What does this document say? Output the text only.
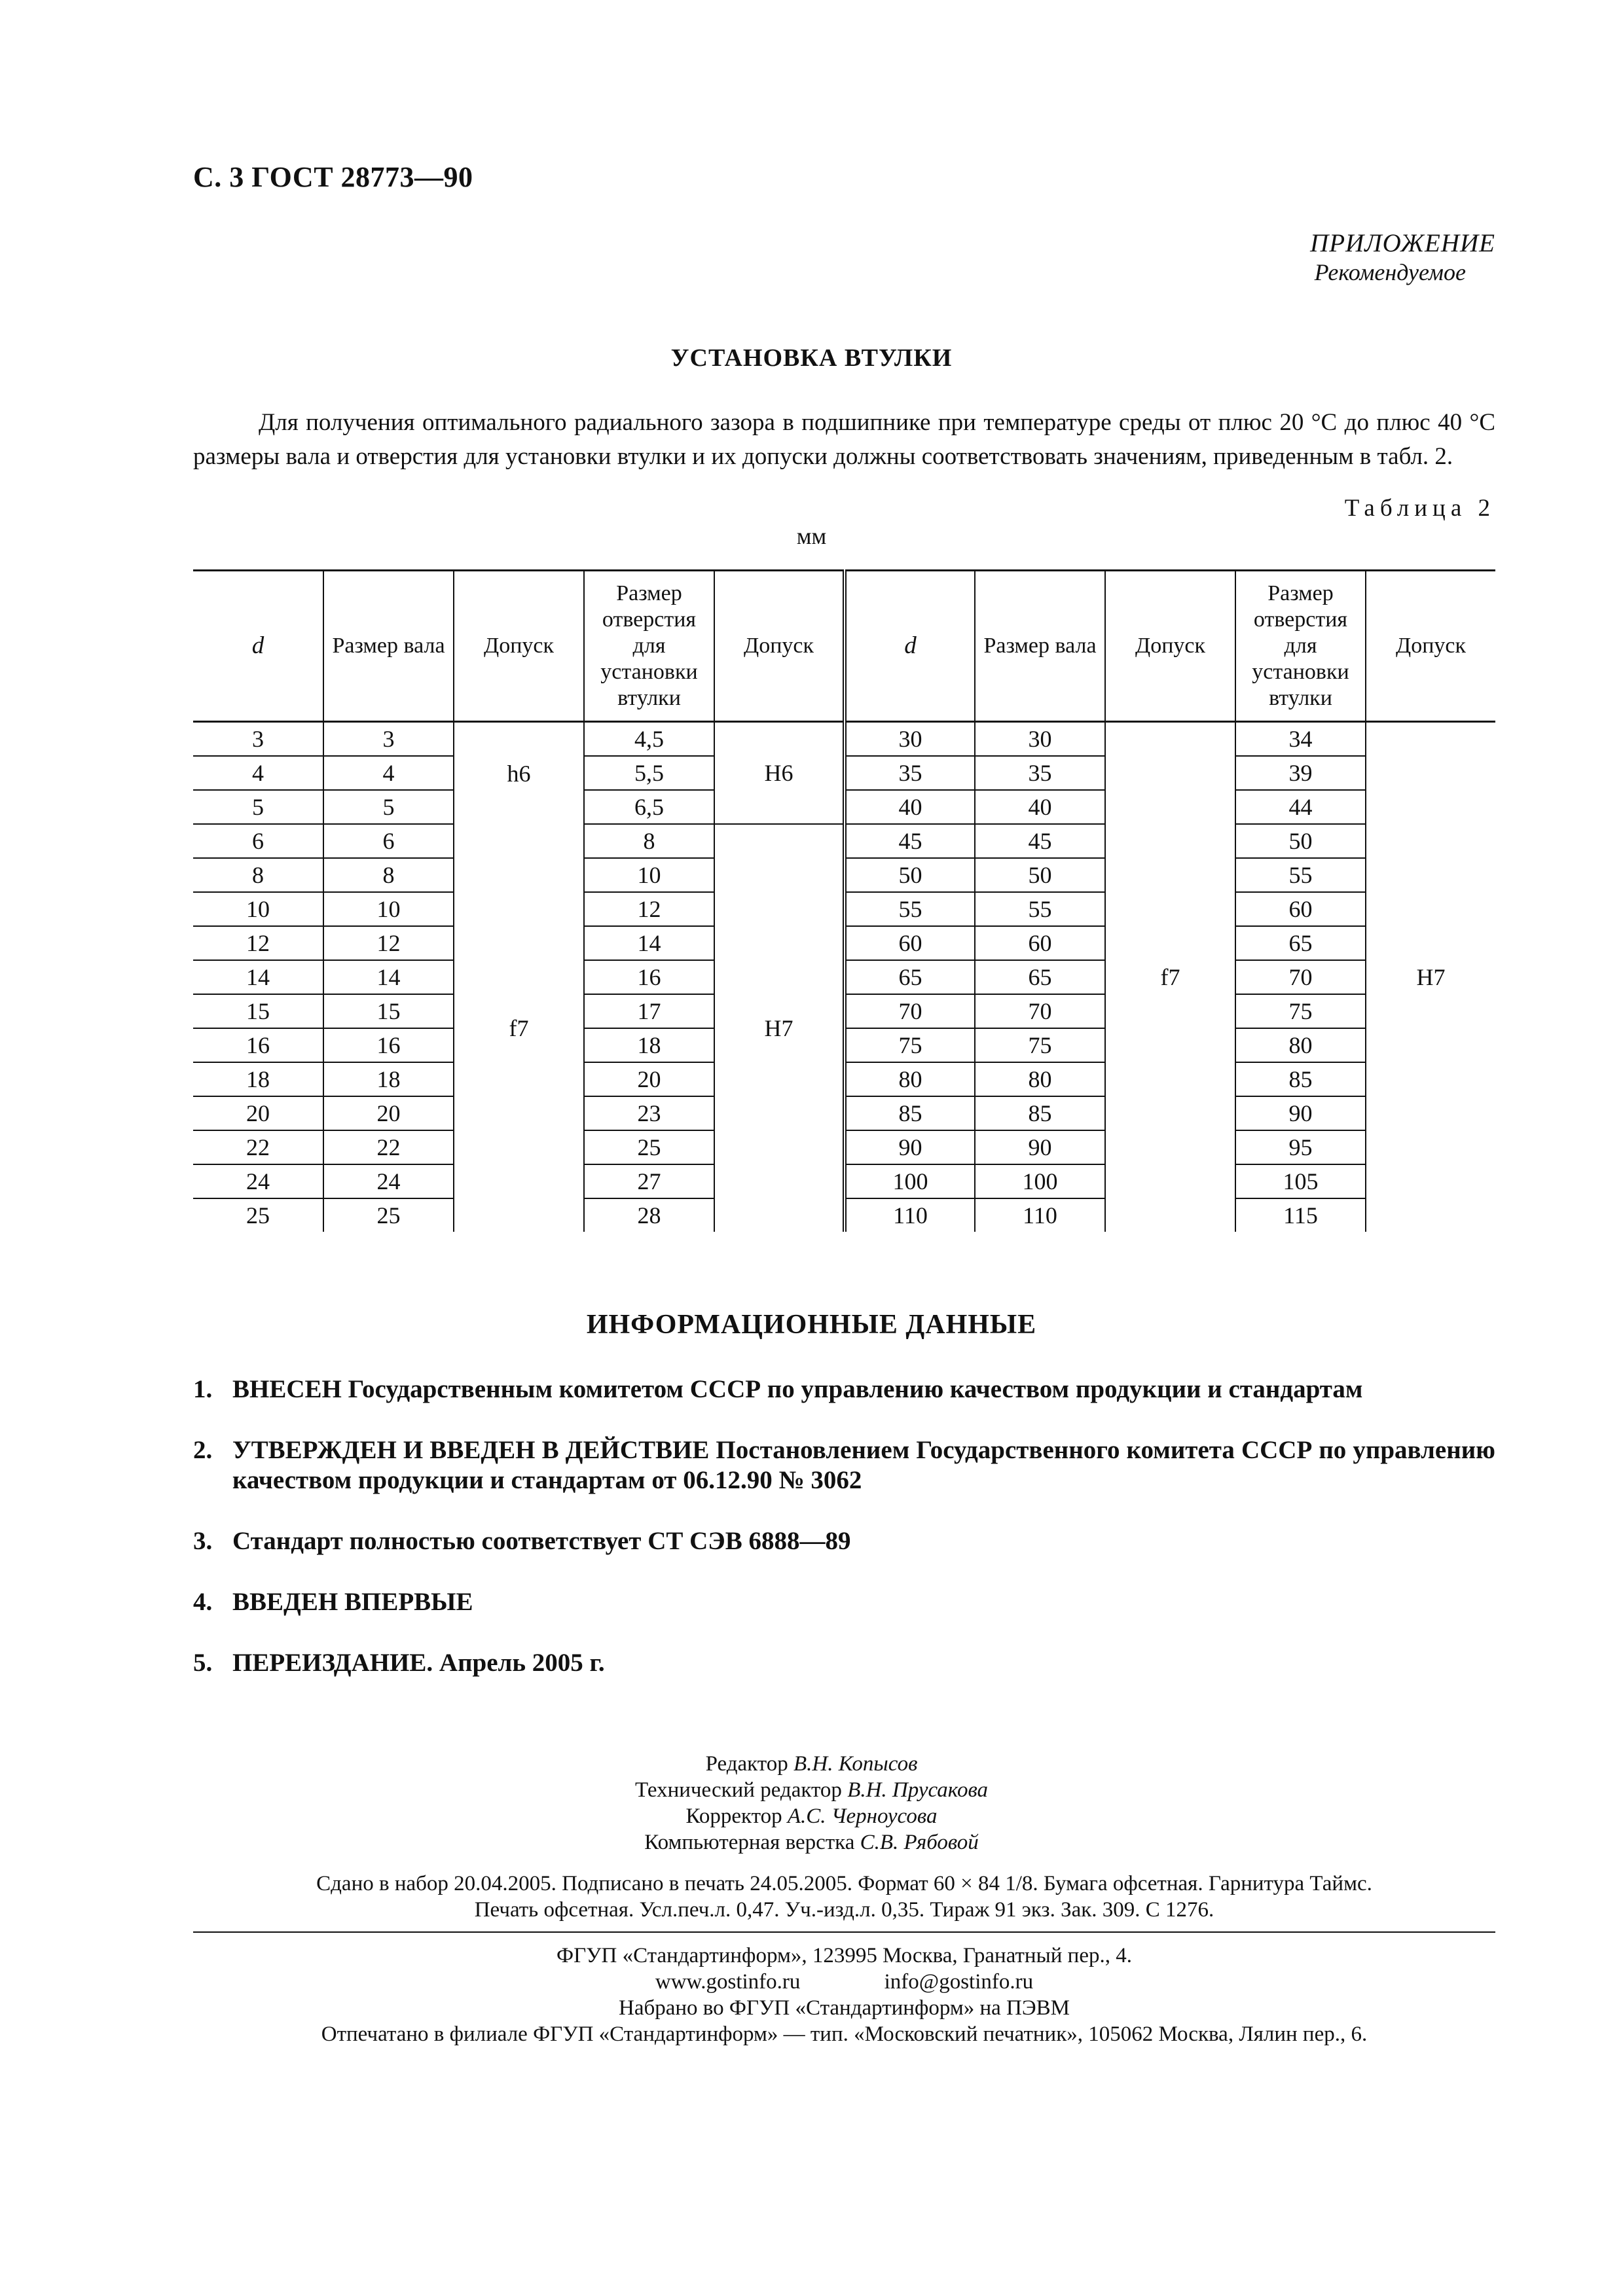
С. 3 ГОСТ 28773—90
ПРИЛОЖЕНИЕ
Рекомендуемое
УСТАНОВКА ВТУЛКИ

Для получения оптимального радиального зазора в подшипнике при температуре среды от плюс 20 °С до плюс 40 °С размеры вала и отверстия для установки втулки и их допуски должны соответствовать значениям, приведенным в табл. 2.

Таблица 2
мм
d	Размер вала	Допуск	Размер отверстия для установки втулки	Допуск	d	Размер вала	Допуск	Размер отверстия для установки втулки	Допуск
3	3	h6	4,5	H6	30	30	f7	34	H7
4	4		5,5		35	35		39	
5	5		6,5		40	40		44	
6	6	f7	8	H7	45	45		50	
8	8		10		50	50		55	
10	10		12		55	55		60	
12	12		14		60	60		65	
14	14		16		65	65		70	
15	15		17		70	70		75	
16	16		18		75	75		80	
18	18		20		80	80		85	
20	20		23		85	85		90	
22	22		25		90	90		95	
24	24		27		100	100		105	
25	25		28		110	110		115	
ИНФОРМАЦИОННЫЕ ДАННЫЕ
1. ВНЕСЕН Государственным комитетом СССР по управлению качеством продукции и стандартам
2. УТВЕРЖДЕН И ВВЕДЕН В ДЕЙСТВИЕ Постановлением Государственного комитета СССР по управлению качеством продукции и стандартам от 06.12.90 № 3062
3. Стандарт полностью соответствует СТ СЭВ 6888—89
4. ВВЕДЕН ВПЕРВЫЕ
5. ПЕРЕИЗДАНИЕ. Апрель 2005 г.
Редактор В.Н. Копысов
Технический редактор В.Н. Прусакова
Корректор А.С. Черноусова
Компьютерная верстка С.В. Рябовой
Сдано в набор 20.04.2005. Подписано в печать 24.05.2005. Формат 60 × 84 1/8. Бумага офсетная. Гарнитура Таймс.
Печать офсетная. Усл.печ.л. 0,47. Уч.-изд.л. 0,35. Тираж 91 экз. Зак. 309. С 1276.
ФГУП «Стандартинформ», 123995 Москва, Гранатный пер., 4.
www.gostinfo.ru	info@gostinfo.ru
Набрано во ФГУП «Стандартинформ» на ПЭВМ
Отпечатано в филиале ФГУП «Стандартинформ» — тип. «Московский печатник», 105062 Москва, Лялин пер., 6.
